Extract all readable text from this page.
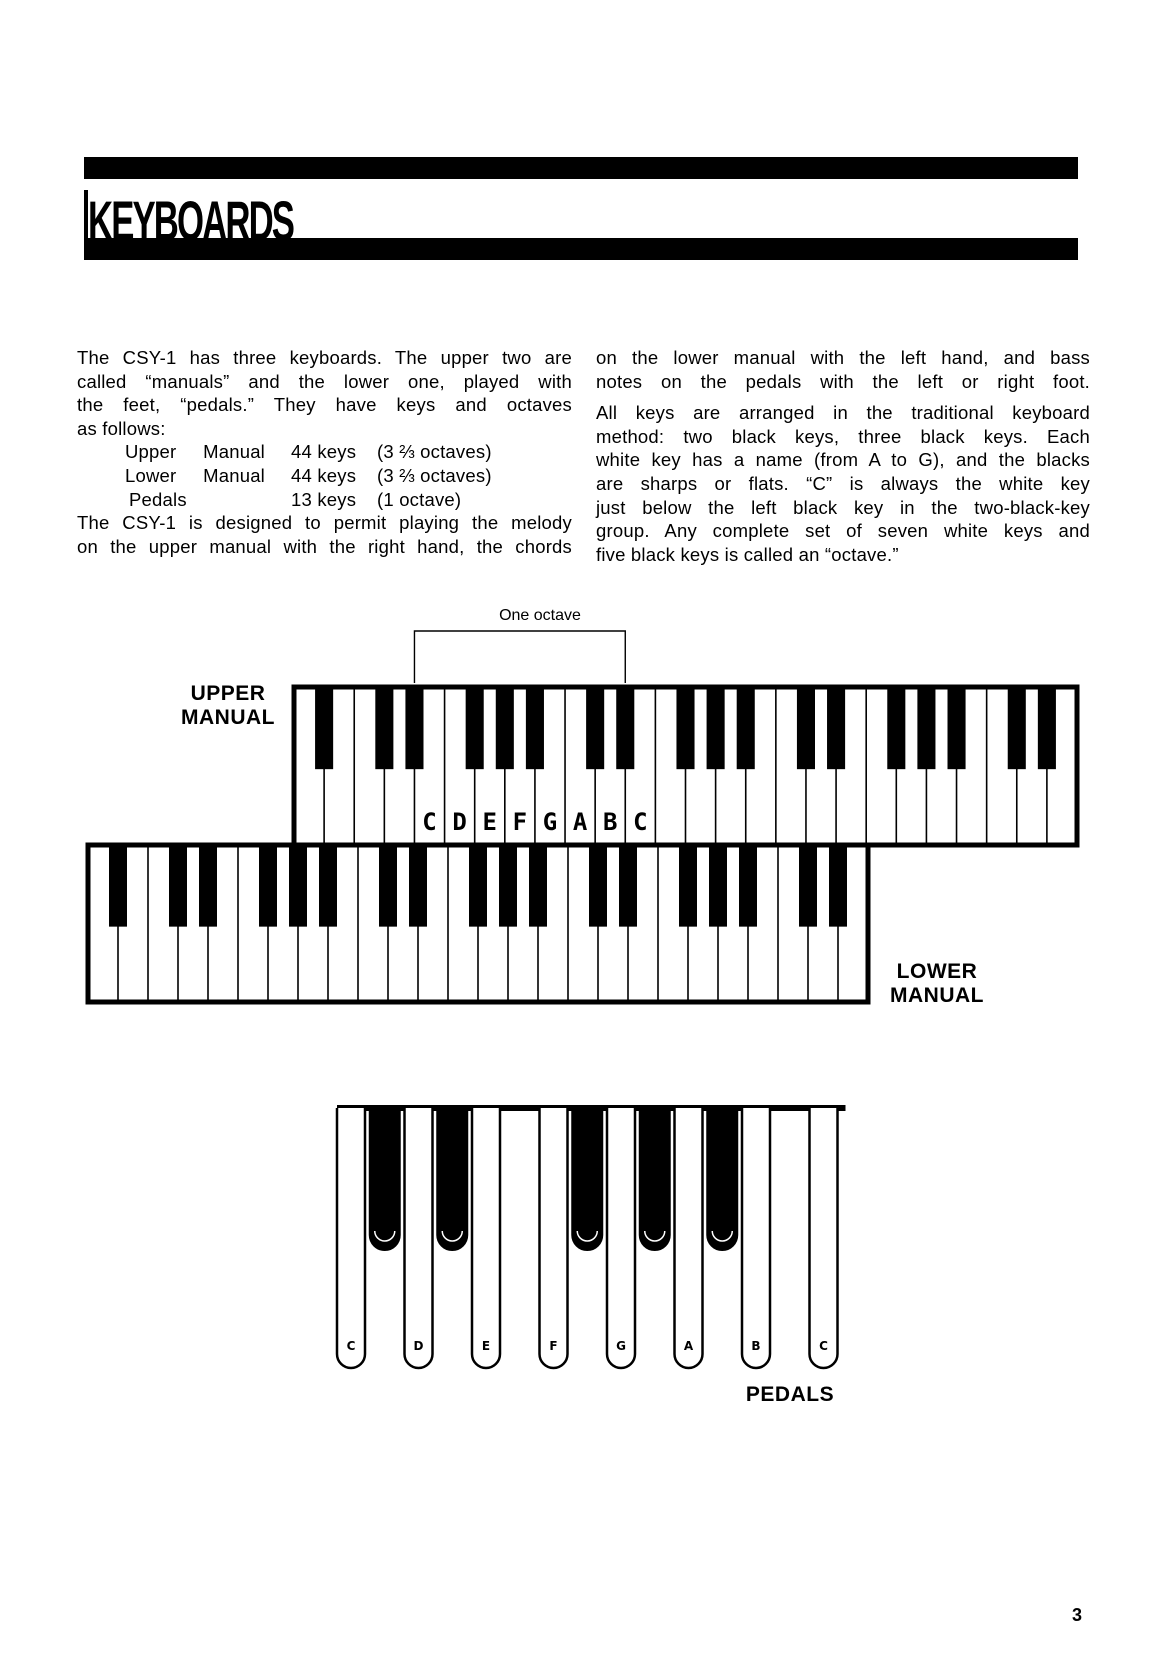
KEYBOARDS

The CSY-1 has three keyboards. The upper two are

called “manuals” and the lower one, played with

the feet, “pedals.” They have keys and octaves

as follows:

Upper Manual		44 keys	(3 ⅔ octaves)
Lower Manual		44 keys	(3 ⅔ octaves)
Pedals		13 keys	(1 octave)

The CSY-1 is designed to permit playing the melody

on the upper manual with the right hand, the chords

on the lower manual with the left hand, and bass

notes on the pedals with the left or right foot.

All keys are arranged in the traditional keyboard

method: two black keys, three black keys. Each

white key has a name (from A to G), and the blacks

are sharps or flats. “C” is always the white key

just below the left black key in the two-black-key

group. Any complete set of seven white keys and

five black keys is called an “octave.”

One octave
UPPER
MANUAL
LOWER
MANUAL
PEDALS
C D E F G A B C
C	D	E	F	G	A	B	C
3
